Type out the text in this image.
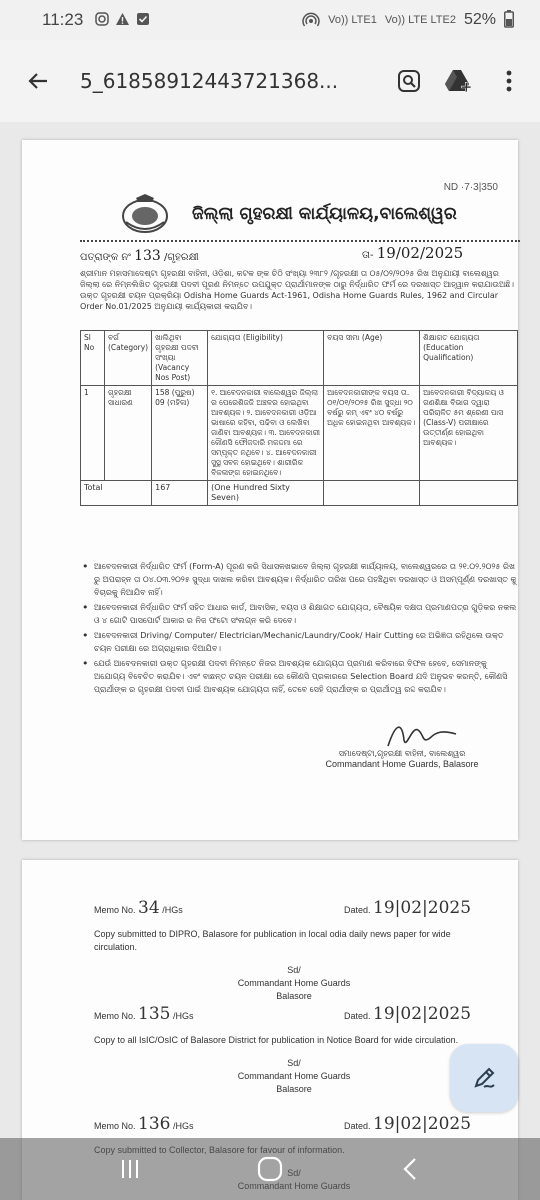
11:23	Vo)) LTE1 Vo)) LTE LTE2 52%
5_61858912443721368...
ND ·7·3|350
ଜିଲ୍ଲା ଗୃହରକ୍ଷୀ କାର୍ଯ୍ୟାଳୟ,ବାଲେଶ୍ୱର
ପତ୍ରାଙ୍କ ନଂ 133 /ଗୃହରକ୍ଷୀ	ତା- 19/02/2025
ଶ୍ରୀମାନ ମହାସମାଦେଷ୍ଟା ଗୃହରକ୍ଷୀ ବାହିନୀ, ଓଡ଼ିଶା, କଟକ ଙ୍କ ଚିଠି ସଂଖ୍ୟା ୨୩୮୨ /ଗୃହରକ୍ଷୀ ତା ୦୫/୦୨/୨୦୨୫ ରିଖ ଅନୁଯାୟୀ ବାଲେଶ୍ୱର ଜିଲ୍ଲା ରେ ନିମ୍ନଲିଖିତ ଗୃହରକ୍ଷୀ ପଦବୀ ପୂରଣ ନିମନ୍ତେ ଉପଯୁକ୍ତ ପ୍ରାର୍ଥୀମାନଙ୍କ ଠାରୁ ନିର୍ଦ୍ଧାରିତ ଫର୍ମ ରେ ଦରଖାସ୍ତ ଆହ୍ୱାନ କରାଯାଉଅଛି। ଉକ୍ତ ଗୃହରକ୍ଷୀ ଚୟନ ପ୍ରକ୍ରିୟା Odisha Home Guards Act-1961, Odisha Home Guards Rules, 1962 and Circular Order No.01/2025 ଅନୁଯାୟୀ କାର୍ଯ୍ୟକାରୀ କରାଯିବ।
Sl No	ବର୍ଗ (Category)	ଖାଲିଥିବା ଗୃହରକ୍ଷୀ ପଦବୀ ସଂଖ୍ୟା (Vacancy Nos Post)	ଯୋଗ୍ୟତା (Eligibility)	ବୟସ ସୀମା (Age)	ଶିକ୍ଷାଗତ ଯୋଗ୍ୟତା (Education Qualification)
1	ଗୃହରକ୍ଷୀ ସାଧାରଣ	158 (ପୁରୁଷ) 09 (ମହିଳା)	୧. ଆବେଦନକାରୀ ବାଲେଶ୍ୱର ଜିଲ୍ଲା ର ପେରେଶିଜଜି ଅଞ୍ଚଳର ହୋଇଥିବା ଆବଶ୍ୟକ। ୨. ଆବେଦନକାରୀ ଓଡ଼ିଆ ଭାଷାରେ କହିବା, ପଢିବା ଓ ଲେଖିବା ଜାଣିବା ଆବଶ୍ୟକ। ୩. ଆବେଦନକାରୀ କୌଣସି ଫୌଜଦାରି ମକଦ୍ଦମା ରେ ସମ୍ପୃକ୍ତ ନଥିବେ। ୪. ଆବେଦନକାରୀ ସୁସ୍ଥ ସବଳ ହୋଇଥିବେ। ଶାରୀରିକ ବିକଳାଙ୍ଗ ହୋଇନଥିବେ।	ଆବେଦନକାରୀଙ୍କ ବୟସ ତା. ୦୧/୦୧/୨୦୨୫ ରିଖ ସୁଦ୍ଧା ୨୦ ବର୍ଷରୁ କମ୍ ଏବଂ ୪୦ ବର୍ଷରୁ ଅଧିକ ହୋଇନଥିବା ଆବଶ୍ୟକ।	ଆବେଦନକାରୀ ବିଦ୍ୟାଳୟ ଓ ଗଣଶିକ୍ଷା ବିଭାଗ ଦ୍ୱାରା ପରିଚାଳିତ ୫ମ ଶ୍ରେଣୀ ପାସ (Class-V) ପରୀକ୍ଷାରେ ଉତ୍ତୀର୍ଣ୍ଣ ହୋଇଥିବା ଆବଶ୍ୟକ।
Total		167	(One Hundred Sixty Seven)		
• ଆବେଦନକାରୀ ନିର୍ଦ୍ଧାରିତ ଫର୍ମ (Form-A) ପୂରଣ କରି ସିଧାସଳଖଭାବେ ଜିଲ୍ଲା ଗୃହରକ୍ଷୀ କାର୍ଯ୍ୟାଳୟ, ବାଲେଶ୍ୱରରେ ତା ୨୧.୦୨.୨୦୨୫ ରିଖ ରୁ ଅପରାହ୍ନ ତା ୦୪.୦୩.୨୦୨୫ ସୁଦ୍ଧା ଦାଖଲ କରିବା ଆବଶ୍ୟକ। ନିର୍ଦ୍ଧାରିତ ତାରିଖ ପରେ ପହଞ୍ଚିଥିବା ଦରଖାସ୍ତ ଓ ଅସମ୍ପୂର୍ଣ୍ଣ ଦରଖାସ୍ତ କୁ ବିଚାରକୁ ନିଆଯିବ ନାହିଁ।
• ଆବେଦନକାରୀ ନିର୍ଦ୍ଧାରିତ ଫର୍ମ ସହିତ ଆଧାର କାର୍ଡ, ଆବାସିକ, ବୟସ ଓ ଶିକ୍ଷାଗତ ଯୋଗ୍ୟତା, ବୈଷୟିକ ଦକ୍ଷତା ପ୍ରମାଣପତ୍ର ଗୁଡ଼ିକର ନକଲ ଓ ୪ ଗୋଟି ପାସପୋର୍ଟ ଆକାର ର ନିଜ ଫଟୋ ସଂଲଗ୍ନ କରି ଦେବେ।
• ଆବେଦନକାରୀ Driving/ Computer/ Electrician/Mechanic/Laundry/Cook/ Hair Cutting ରେ ଅଭିଜ୍ଞତା ରହିଥିଲେ ଉକ୍ତ ଚୟନ ପରୀକ୍ଷା ରେ ଅଗ୍ରାଧିକାର ଦିଆଯିବ।
• ଯେଉଁ ଆବେଦନକାରୀ ଉକ୍ତ ଗୃହରକ୍ଷୀ ପଦବୀ ନିମନ୍ତେ ନିଜର ଆବଶ୍ୟକ ଯୋଗ୍ୟତା ପ୍ରମାଣ କରିବାରେ ବିଫଳ ହେବେ, ସେମାନଙ୍କୁ ଅଯୋଗ୍ୟ ବିବେଚିତ କରାଯିବ। ଏବଂ ବାଛନ୍ତ ଚୟନ ପରୀକ୍ଷା ରେ କୌଣସି ପ୍ରକାରରେ Selection Board ଯଦି ଅନୁଭବ କରନ୍ତି, କୌଣସି ପ୍ରାର୍ଥୀଙ୍କ ର ଗୃହରକ୍ଷୀ ପଦବୀ ପାଇଁ ଆବଶ୍ୟକ ଯୋଗ୍ୟତା ନାହିଁ, ତେବେ ସେହି ପ୍ରାର୍ଥୀଙ୍କ ର ପ୍ରାର୍ଥୀତ୍ୱ ରଦ୍ଦ କରାଯିବ।
ସମାଦେଷ୍ଟା,ଗୃହରକ୍ଷୀ ବାହିନୀ, ବାଲେଶ୍ୱର
Commandant Home Guards, Balasore
Memo No. 34 /HGs	Dated. 19|02|2025
Copy submitted to DIPRO, Balasore for publication in local odia daily news paper for wide circulation.
Sd/
Commandant Home Guards
Balasore
Memo No. 135 /HGs	Dated. 19|02|2025
Copy to all IsIC/OsIC of Balasore District for publication in Notice Board for wide circulation.
Sd/
Commandant Home Guards
Balasore
Memo No. 136 /HGs	Dated. 19|02|2025
